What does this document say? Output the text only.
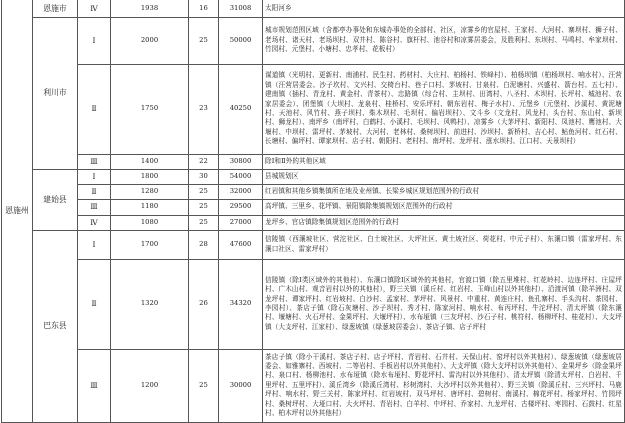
恩施州	恩施市	Ⅳ	1938	16	31008	太阳河乡
	利川市	Ⅰ	2000	25	50000	城市规划范围区域（含都亭办事处和东城办事处的全部村、社区，凉雾乡的官屋村、王家村、大河村、寨坝村、狮子村、老场村、诸天村、老场坝村、双井村、陈谷村、旗杆村、池谷村和凉雾居委会，及胜利村、东坝村、马鸣村、牟家坝村、竹园村、元堡村、小塘村、忠孝村、花板村）
		Ⅱ	1750	23	40250	谋道镇（光明村、更新村、南浦村、民生村、药材村、大庄村、柏杨村、铁峰村）、柏杨坝镇（柏杨坝村、响水村）、汪营镇（汪营居委会、沙子坎村、文兴村、交椅台村、巷子口村、茅坡村、甘泉村、白泥塘村、兴盛村、箭台村、五七村）、建南镇（插村、青龙村、黄金村、青茶村）、忠路镇（综合村、主坝村、田湾村、八圣村、木坝村、长坪村、城池村、农家居委会）、团堡镇（大坝村、龙泉村、桂桥村、安乐坪村、朝东岩村、梅子水村）、元堡乡（元堡村、沙溪村、黄泥塘村、天池村、风竹村、燕子坝村、柴木坝村、毛坝村、偏岩坝村）、文斗乡（文龙村、风龙村、头台村、东山村、新坝村、狮龙村）、南坪乡（南坪村、白鹤村、小溪村、毛坝村、风鸭村）、凉雾乡（大茅坪村、新阳村、凤池村、鹰池村、大堰村、中坝村、雷坪村、茅坡村、大河村、老林村、桑树坝村、前进村、沙坝村、新桥村、吉心村、鲇鱼河村、红石村、长塘村、偏坪村、谭家坝村、店子村、朝阳村、老村村、南坪村、龙坪村、涨水坝村、江口村、天景坝村）
		Ⅲ	1400	22	30800	除Ⅰ和Ⅱ外的其他区域
	建始县	Ⅰ	1800	30	54000	县城规划区
		Ⅱ	1280	25	32000	红岩镇和其他乡镇集镇所在地及业州镇、长梁乡城区规划范围外的行政村
		Ⅲ	1180	25	29500	高坪镇、三里乡、花坪镇、景阳镇除集镇规划区范围外的行政村
		Ⅳ	1080	25	27000	龙坪乡、官店镇除集镇规划区范围外的行政村
	巴东县	Ⅰ	1700	28	47600	信陵镇（西瀼坡社区、营沱社区、白土坡社区、大坪社区、黄土坡社区、荷花村、中元子村）、东瀼口镇（雷家坪村、东瀼口社区、雷家坪村）
		Ⅱ	1320	26	34320	信陵镇（除Ⅰ类区域外的其他村）、东瀼口镇除Ⅰ区域外的其他村，官渡口镇（除五里堆村、红花岭村、边连坪村、庄屋坪村、广木山村、观音岩村以外的其他村），野三关镇（溪丘村、红岩村、玉峰山村以外其他村）、沿渡河镇（除羊洲村、双龙坪村、谭家坪村、红岩坡村、白沙村、孟家村、茅坪村、风景村、中重村、黄连庄村、鱼孔寨村、手头沟村、茶园村、李园村）、茶店子镇（除石灰塘村、沙子坝村、秀才村、陈家河村、响水村、布丙坪村、牛沱坪村、清太坪镇（除东瀼村、堰塘村、火石坪村、金果坪村、大堰坪村）、水布垭镇（三友坪村、沙石子村、桃符村、杨柳坪村、桂花村）、大支坪镇（大支坪村、江家村）、绿葱坡镇（绿葱坡居委会）、茶店子镇、店子坪村
		Ⅲ	1200	25	30000	茶店子镇（除小干溪村、茶店子村、店子坪村、青岩村、石井村、天保山村、窑坪村以外其他村）、绿葱坡镇（绿葱坡居委会、如雅寨村、西坡村、二等岩村、手板岩村以外其他村）、大支坪镇（除大支坪村以外其他村）、金果坪乡（除金果坪村、泉口村、杨柳池村、水布垭镇（除水布垭村、野花坪村、雷沟村以外其他村）、清太坪镇（除清太坪村、白岩村、千里坪村、五里坪村）、溪丘湾乡（除溪丘湾村、杉树湾村、大沙坪村以外其他村）、野三关镇（除溪丘村、三兴坪村、马鹿坪村、响水村、野三关村、陈家坪村、红岩坡村、双马坪村、唐坪村、碧树村、南溪村、棉花坪村、杨家坪村、竹园坪村、桑树坪村、大垭口村、大火坪村、青岩村、白羊村、中坪村、乔家村、九龙坪村、古楼坪村、枣园村、石鼓村、红星村、柏木坪村以外其他村）
